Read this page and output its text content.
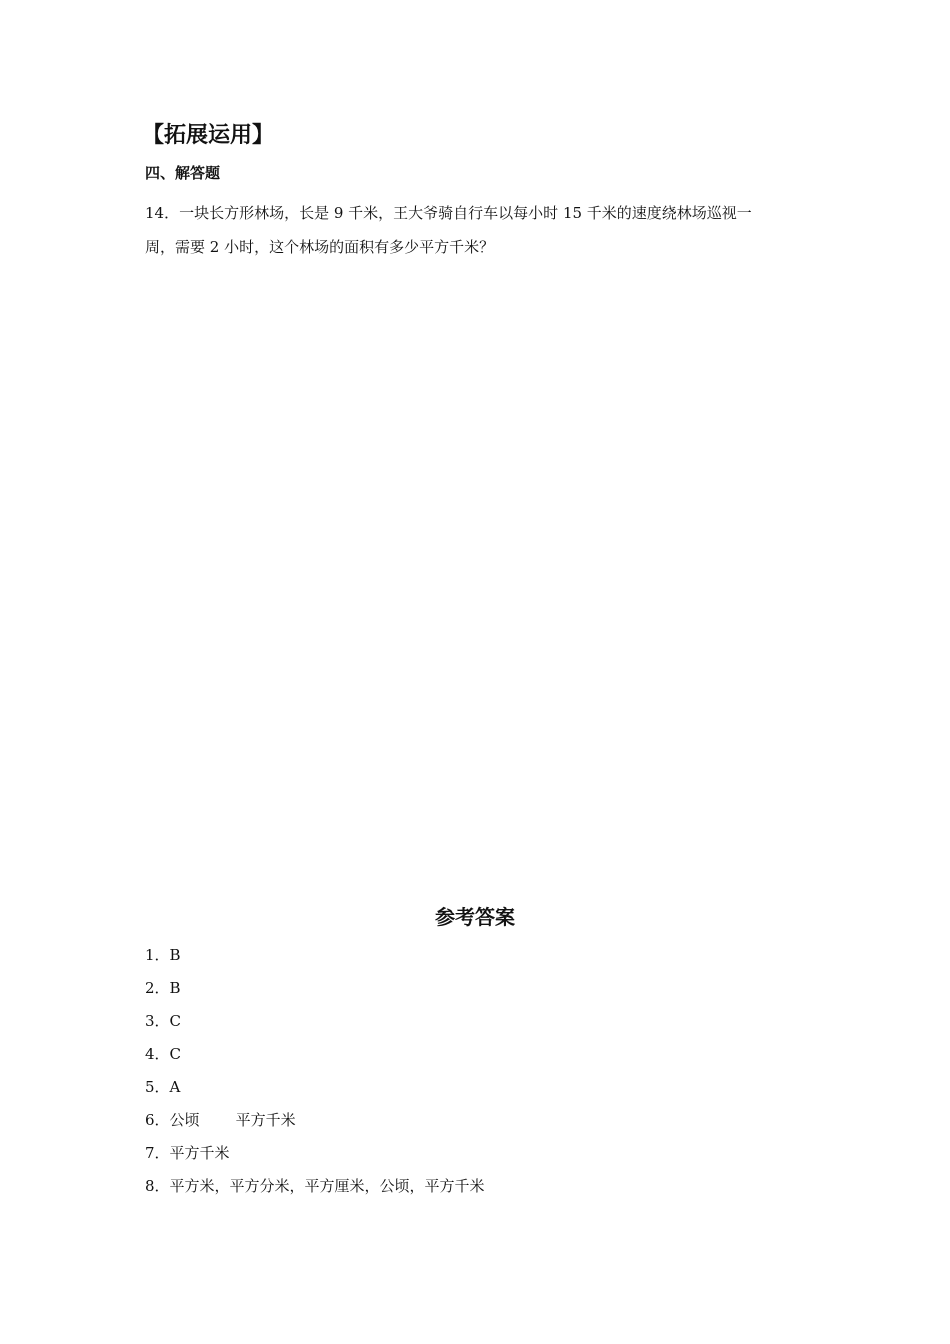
【拓展运用】
四、解答题
14．一块长方形林场，长是 9 千米，王大爷骑自行车以每小时 15 千米的速度绕林场巡视一
周，需要 2 小时，这个林场的面积有多少平方千米？
参考答案
1．B
2．B
3．C
4．C
5．A
6．公顷 平方千米
7．平方千米
8．平方米，平方分米，平方厘米，公顷，平方千米
